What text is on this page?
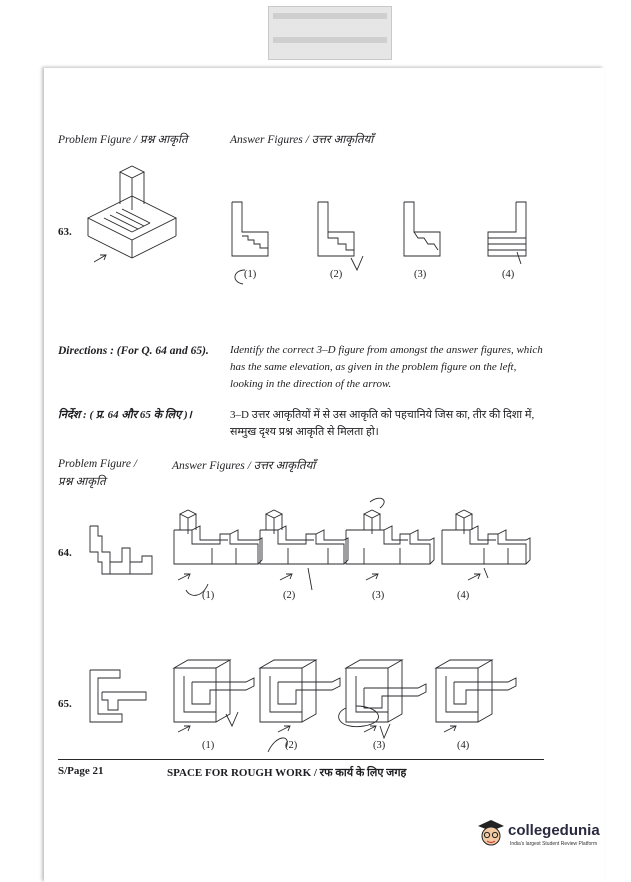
Problem Figure / प्रश्न आकृति	Answer Figures / उत्तर आकृतियाँ
63.
(1)	(2)	(3)	(4)
Directions : (For Q. 64 and 65). Identify the correct 3–D figure from amongst the answer figures, which has the same elevation, as given in the problem figure on the left, looking in the direction of the arrow.
निर्देश : ( प्र. 64 और 65 के लिए )।	3–D उत्तर आकृतियों में से उस आकृति को पहचानिये जिस का, तीर की दिशा में, सम्मुख दृश्य प्रश्न आकृति से मिलता हो।
Problem Figure /
प्रश्न आकृति
Answer Figures / उत्तर आकृतियाँ
64.
(1)	(2)	(3)	(4)
65.
(1)	(2)	(3)	(4)
S/Page 21	SPACE FOR ROUGH WORK / रफ कार्य के लिए जगह
collegedunia
India's largest Student Review Platform
